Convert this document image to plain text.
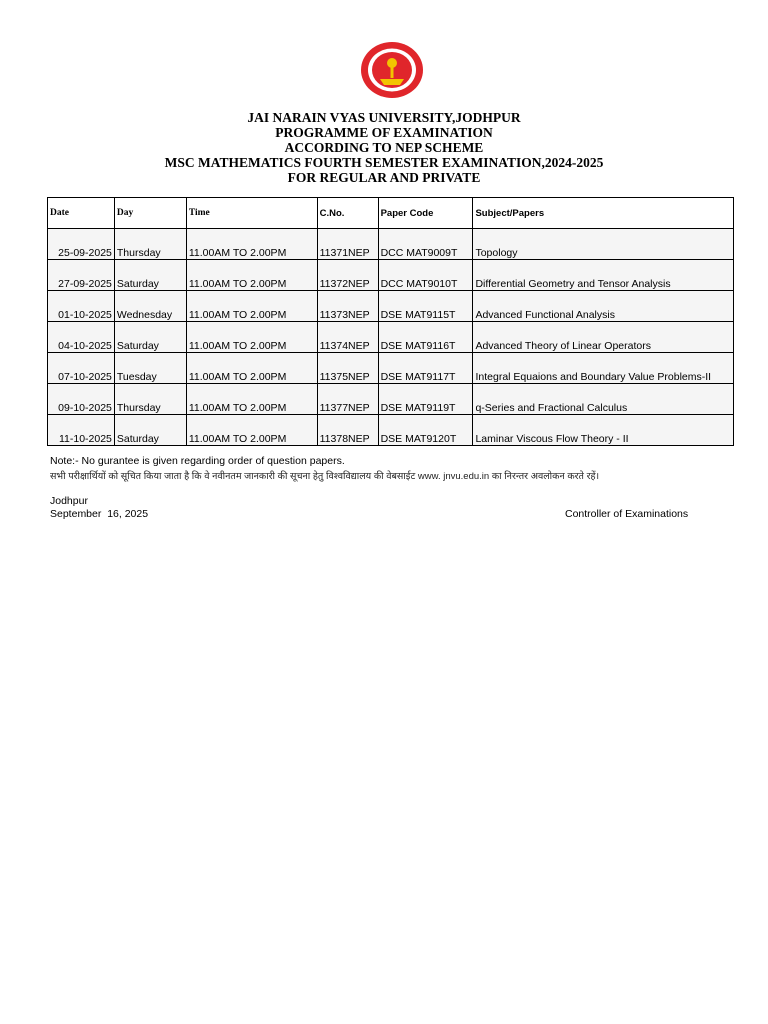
JAI NARAIN VYAS UNIVERSITY,JODHPUR
PROGRAMME OF EXAMINATION
ACCORDING TO NEP SCHEME
MSC MATHEMATICS FOURTH SEMESTER EXAMINATION,2024-2025
FOR REGULAR AND PRIVATE
Date	Day	Time	C.No.	Paper Code	Subject/Papers
25-09-2025	Thursday	11.00AM TO 2.00PM	11371NEP	DCC MAT9009T	Topology
27-09-2025	Saturday	11.00AM TO 2.00PM	11372NEP	DCC MAT9010T	Differential Geometry and Tensor Analysis
01-10-2025	Wednesday	11.00AM TO 2.00PM	11373NEP	DSE MAT9115T	Advanced Functional Analysis
04-10-2025	Saturday	11.00AM TO 2.00PM	11374NEP	DSE MAT9116T	Advanced Theory of Linear Operators
07-10-2025	Tuesday	11.00AM TO 2.00PM	11375NEP	DSE MAT9117T	Integral Equaions and Boundary Value Problems-II
09-10-2025	Thursday	11.00AM TO 2.00PM	11377NEP	DSE MAT9119T	q-Series and Fractional Calculus
11-10-2025	Saturday	11.00AM TO 2.00PM	11378NEP	DSE MAT9120T	Laminar Viscous Flow Theory - II
Note:- No gurantee is given regarding order of question papers.
सभी परीक्षार्थियों को सूचित किया जाता है कि वे नवीनतम जानकारी की सूचना हेतु विश्वविद्यालय की वेबसाईट www. jnvu.edu.in का निरन्तर अवलोकन करते रहें।
Jodhpur
September  16, 2025	Controller of Examinations
